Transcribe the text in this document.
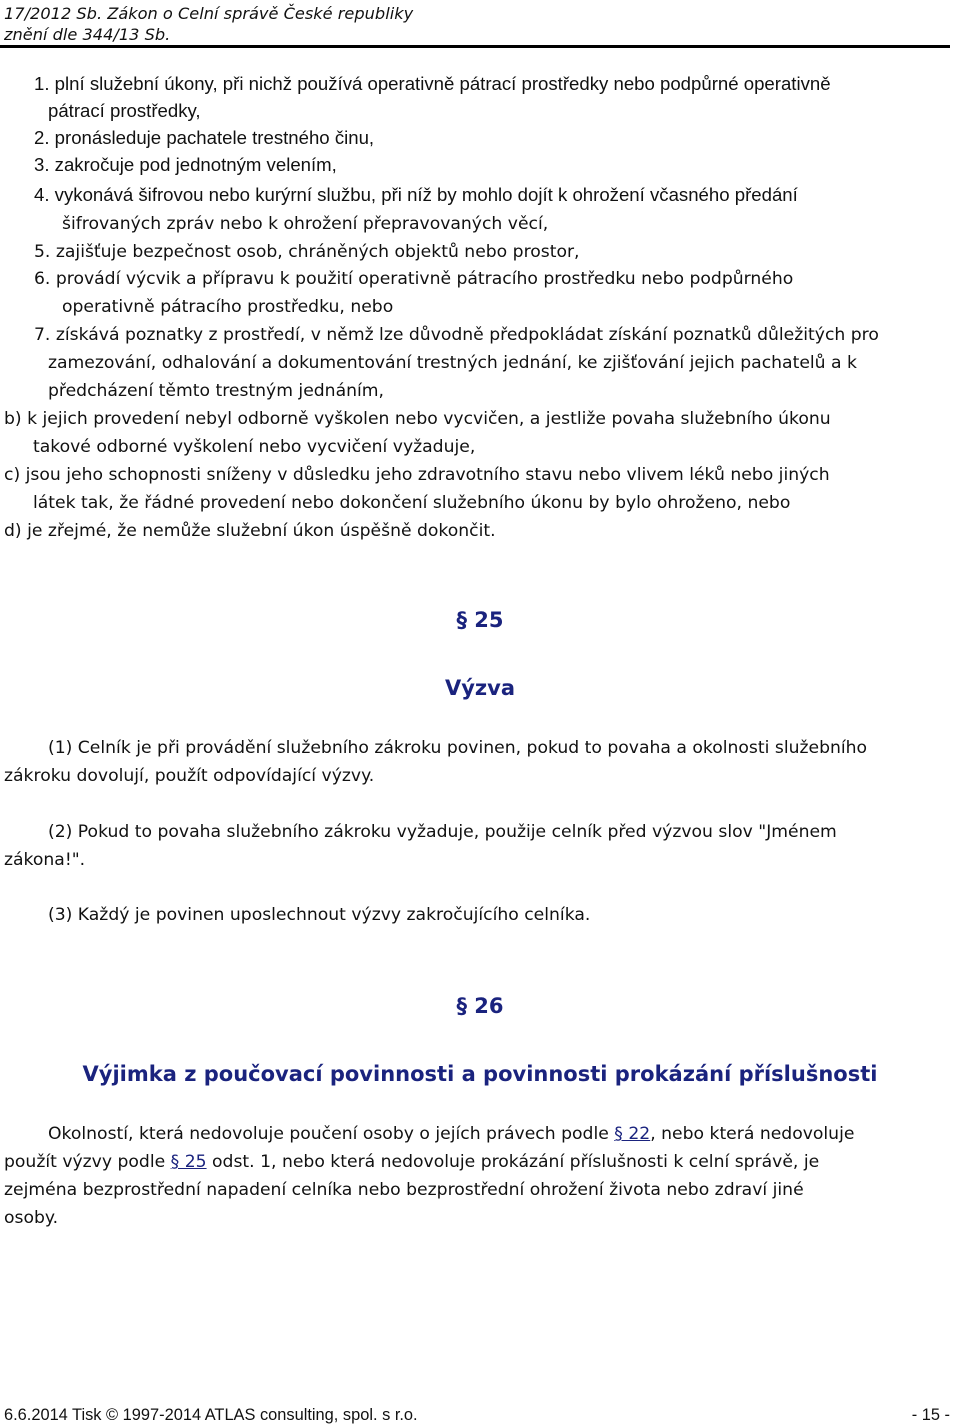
17/2012 Sb. Zákon o Celní správě České republiky
znění dle 344/13 Sb.
1. plní služební úkony, při nichž používá operativně pátrací prostředky nebo podpůrné operativně
pátrací prostředky,
2. pronásleduje pachatele trestného činu,
3. zakročuje pod jednotným velením,
4. vykonává šifrovou nebo kurýrní službu, při níž by mohlo dojít k ohrožení včasného předání
šifrovaných zpráv nebo k ohrožení přepravovaných věcí,
5. zajišťuje bezpečnost osob, chráněných objektů nebo prostor,
6. provádí výcvik a přípravu k použití operativně pátracího prostředku nebo podpůrného
operativně pátracího prostředku, nebo
7. získává poznatky z prostředí, v němž lze důvodně předpokládat získání poznatků důležitých pro
zamezování, odhalování a dokumentování trestných jednání, ke zjišťování jejich pachatelů a k
předcházení těmto trestným jednáním,
b) k jejich provedení nebyl odborně vyškolen nebo vycvičen, a jestliže povaha služebního úkonu
takové odborné vyškolení nebo vycvičení vyžaduje,
c) jsou jeho schopnosti sníženy v důsledku jeho zdravotního stavu nebo vlivem léků nebo jiných
látek tak, že řádné provedení nebo dokončení služebního úkonu by bylo ohroženo, nebo
d) je zřejmé, že nemůže služební úkon úspěšně dokončit.
§ 25
Výzva
(1) Celník je při provádění služebního zákroku povinen, pokud to povaha a okolnosti služebního
zákroku dovolují, použít odpovídající výzvy.
(2) Pokud to povaha služebního zákroku vyžaduje, použije celník před výzvou slov "Jménem
zákona!".
(3) Každý je povinen uposlechnout výzvy zakročujícího celníka.
§ 26
Výjimka z poučovací povinnosti a povinnosti prokázání příslušnosti
Okolností, která nedovoluje poučení osoby o jejích právech podle § 22, nebo která nedovoluje
použít výzvy podle § 25 odst. 1, nebo která nedovoluje prokázání příslušnosti k celní správě, je
zejména bezprostřední napadení celníka nebo bezprostřední ohrožení života nebo zdraví jiné
osoby.
6.6.2014 Tisk © 1997-2014 ATLAS consulting, spol. s r.o.	- 15 -
